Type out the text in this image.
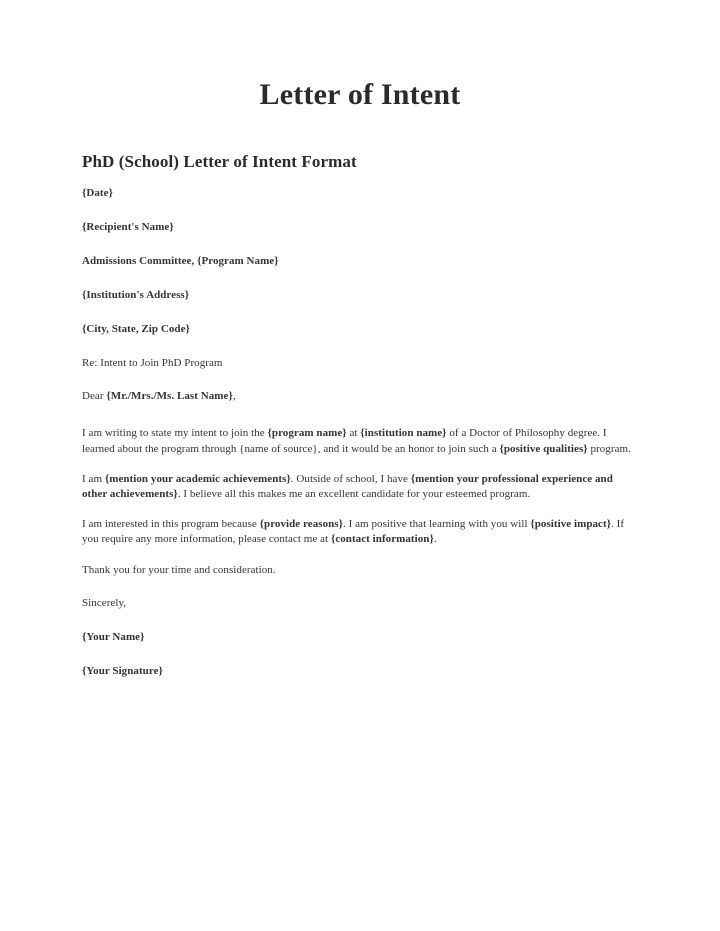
Letter of Intent
PhD (School) Letter of Intent Format

{Date}

{Recipient's Name}

Admissions Committee, {Program Name}

{Institution's Address}

{City, State, Zip Code}

Re: Intent to Join PhD Program

Dear {Mr./Mrs./Ms. Last Name},

I am writing to state my intent to join the {program name} at {institution name} of a Doctor of Philosophy degree. I learned about the program through {name of source}, and it would be an honor to join such a {positive qualities} program.

I am {mention your academic achievements}. Outside of school, I have {mention your professional experience and other achievements}. I believe all this makes me an excellent candidate for your esteemed program.

I am interested in this program because {provide reasons}. I am positive that learning with you will {positive impact}. If you require any more information, please contact me at {contact information}.

Thank you for your time and consideration.

Sincerely,

{Your Name}

{Your Signature}
